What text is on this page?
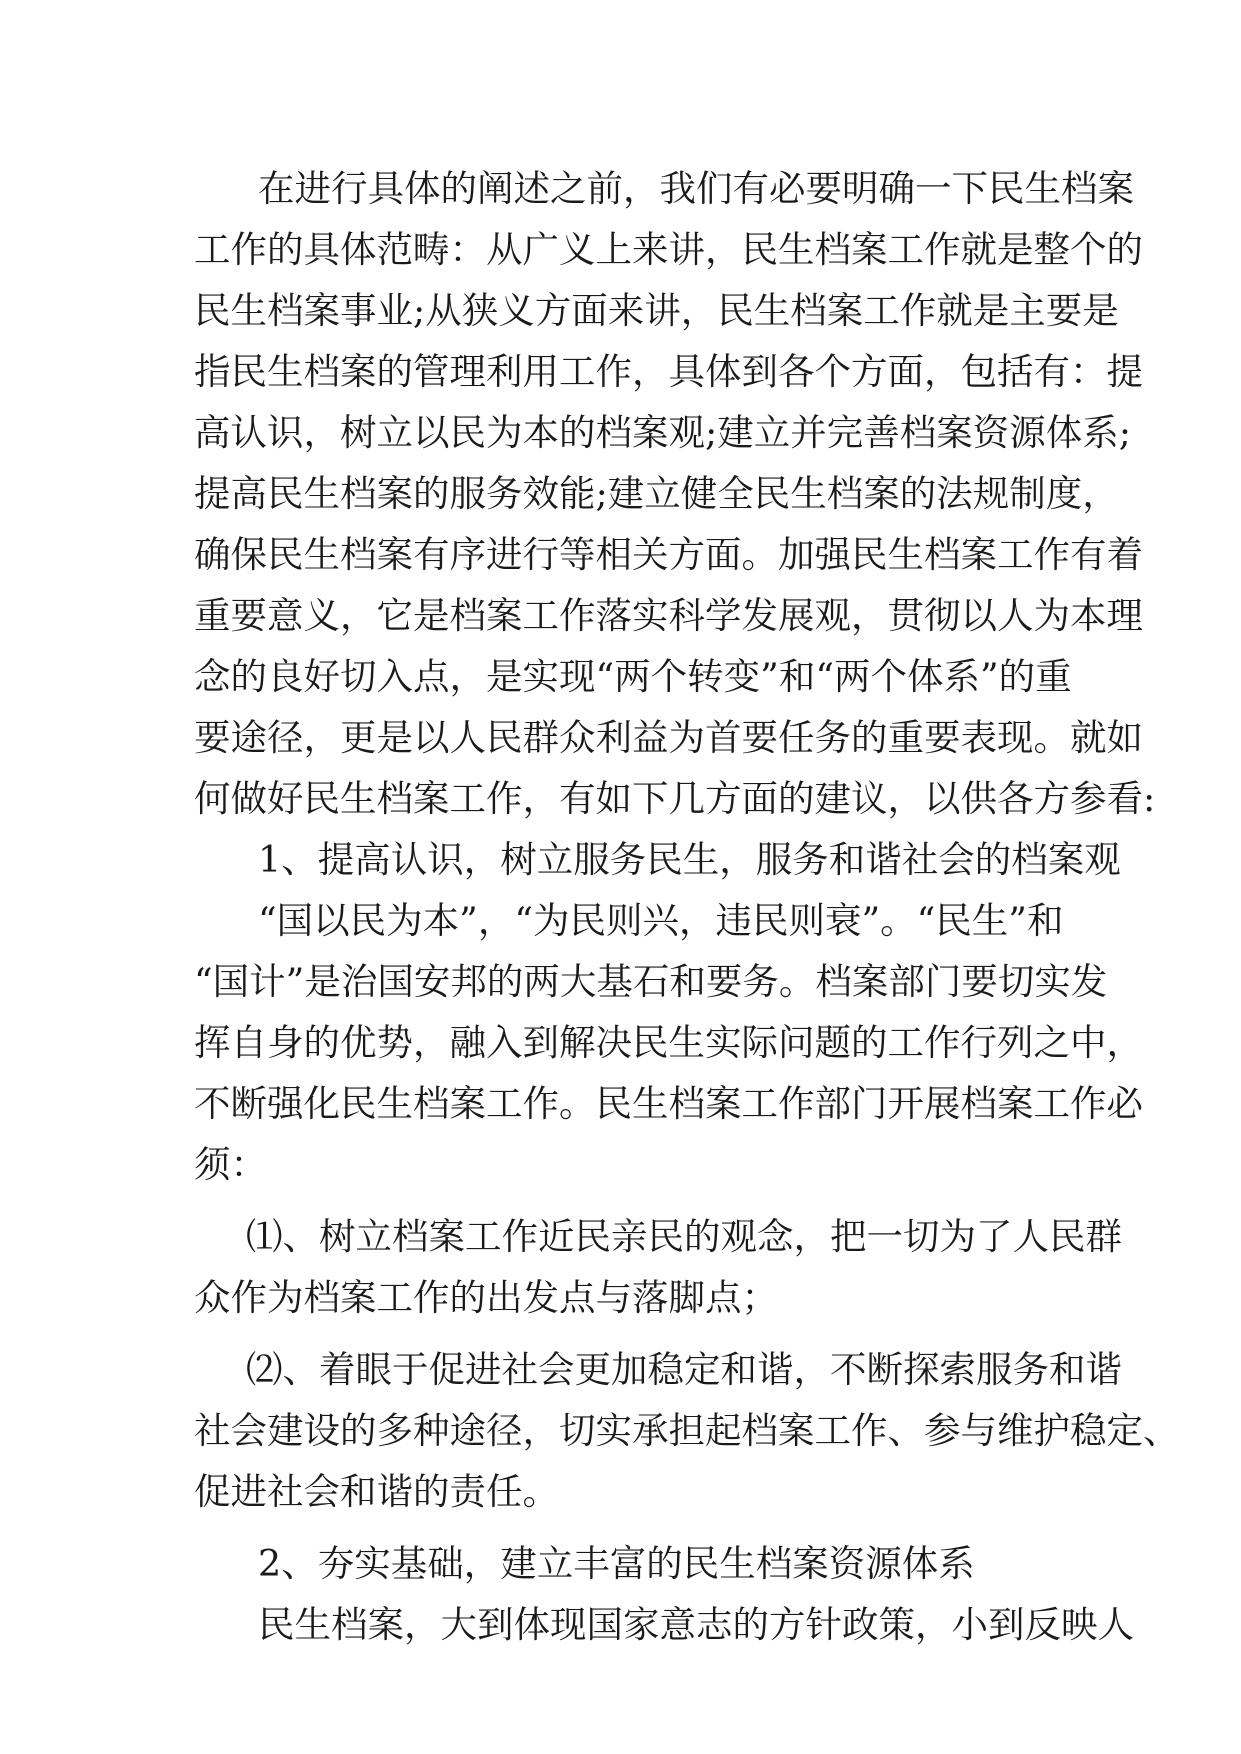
在进行具体的阐述之前，我们有必要明确一下民生档案
工作的具体范畴：从广义上来讲，民生档案工作就是整个的
民生档案事业;从狭义方面来讲，民生档案工作就是主要是
指民生档案的管理利用工作，具体到各个方面，包括有：提
高认识，树立以民为本的档案观;建立并完善档案资源体系;
提高民生档案的服务效能;建立健全民生档案的法规制度，
确保民生档案有序进行等相关方面。加强民生档案工作有着
重要意义，它是档案工作落实科学发展观，贯彻以人为本理
念的良好切入点，是实现“两个转变”和“两个体系”的重
要途径，更是以人民群众利益为首要任务的重要表现。就如
何做好民生档案工作，有如下几方面的建议，以供各方参看:
1、提高认识，树立服务民生，服务和谐社会的档案观
“国以民为本”，“为民则兴，违民则衰”。“民生”和
“国计”是治国安邦的两大基石和要务。档案部门要切实发
挥自身的优势，融入到解决民生实际问题的工作行列之中，
不断强化民生档案工作。民生档案工作部门开展档案工作必
须：
⑴、树立档案工作近民亲民的观念，把一切为了人民群
众作为档案工作的出发点与落脚点；
⑵、着眼于促进社会更加稳定和谐，不断探索服务和谐
社会建设的多种途径，切实承担起档案工作、参与维护稳定、
促进社会和谐的责任。
2、夯实基础，建立丰富的民生档案资源体系
民生档案，大到体现国家意志的方针政策，小到反映人
